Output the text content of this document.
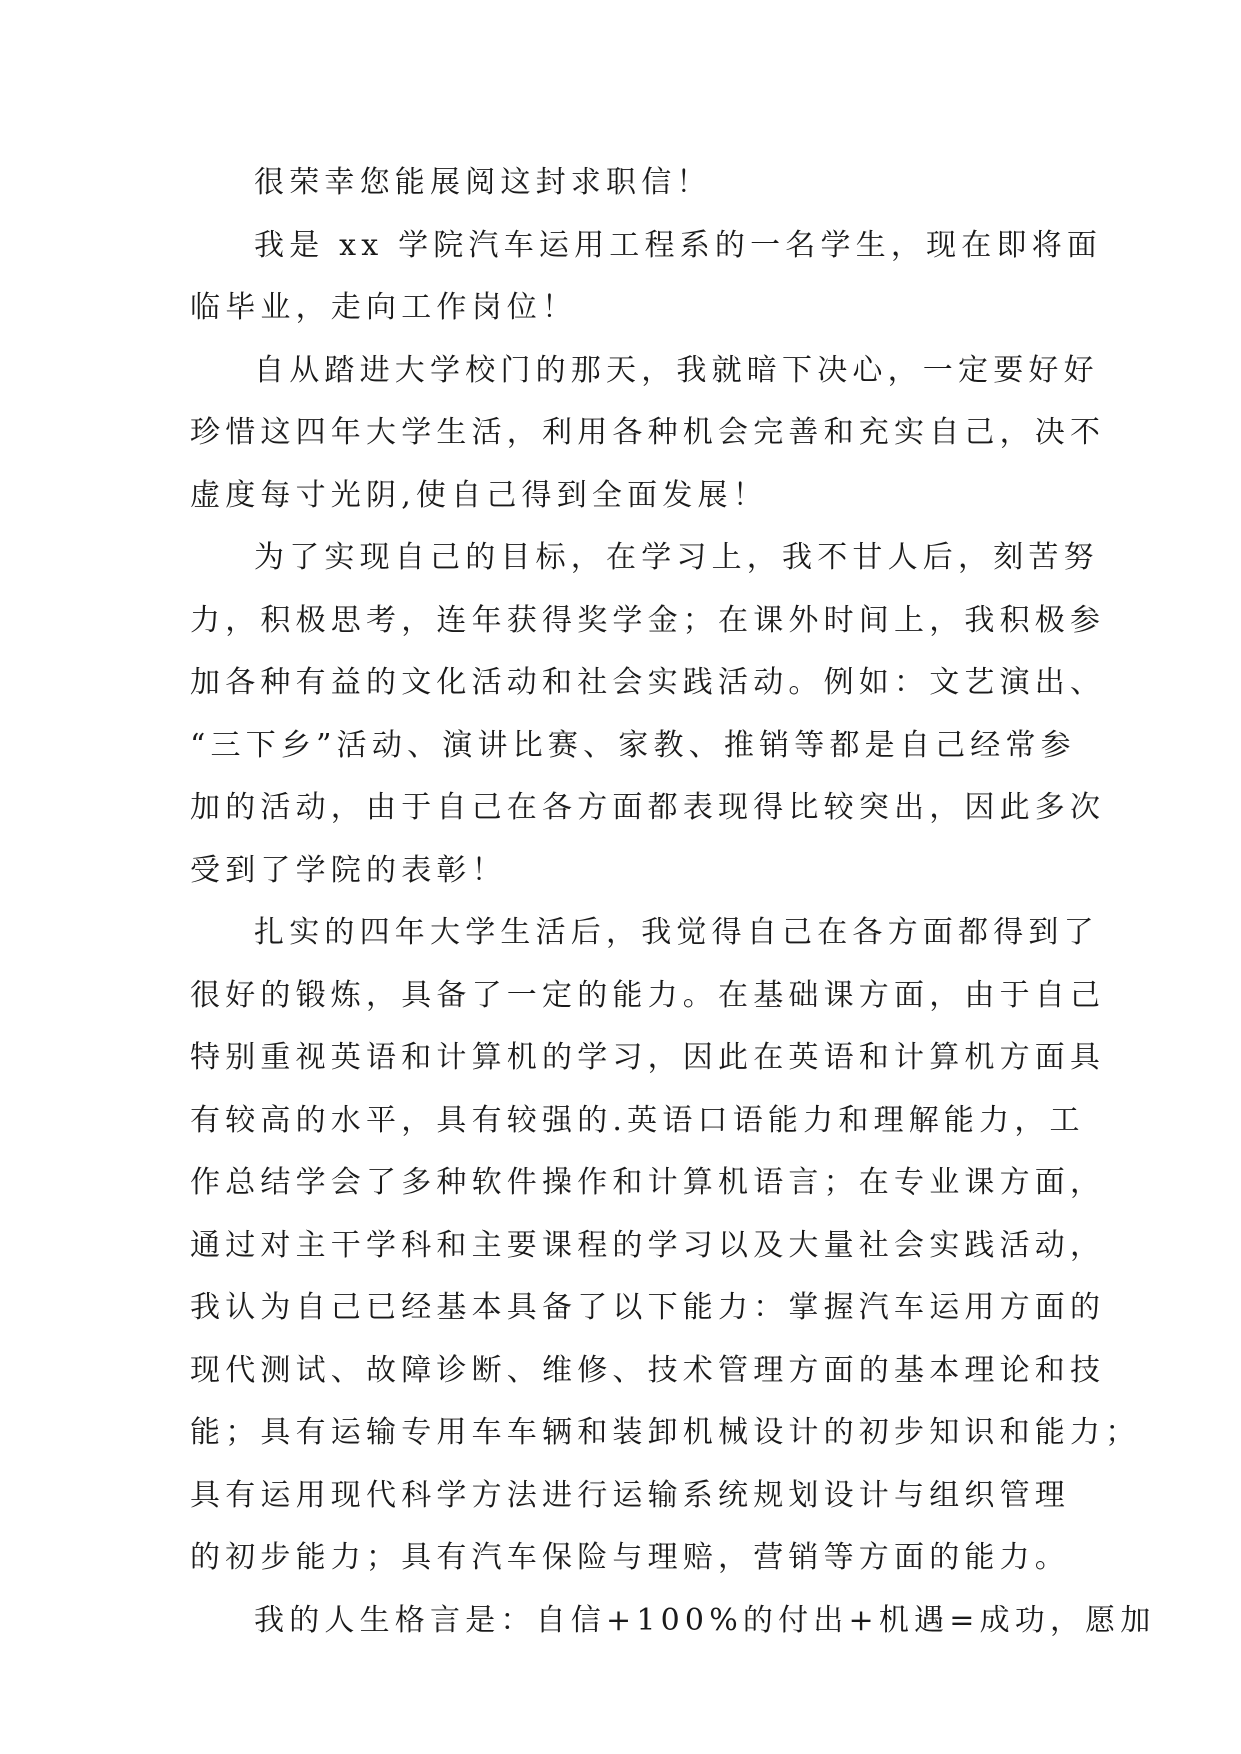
很荣幸您能展阅这封求职信！
我是 xx 学院汽车运用工程系的一名学生，现在即将面
临毕业，走向工作岗位！
自从踏进大学校门的那天，我就暗下决心，一定要好好
珍惜这四年大学生活，利用各种机会完善和充实自己，决不
虚度每寸光阴,使自己得到全面发展！
为了实现自己的目标，在学习上，我不甘人后，刻苦努
力，积极思考，连年获得奖学金；在课外时间上，我积极参
加各种有益的文化活动和社会实践活动。例如：文艺演出、
“三下乡”活动、演讲比赛、家教、推销等都是自己经常参
加的活动，由于自己在各方面都表现得比较突出，因此多次
受到了学院的表彰！
扎实的四年大学生活后，我觉得自己在各方面都得到了
很好的锻炼，具备了一定的能力。在基础课方面，由于自己
特别重视英语和计算机的学习，因此在英语和计算机方面具
有较高的水平，具有较强的.英语口语能力和理解能力，工
作总结学会了多种软件操作和计算机语言；在专业课方面，
通过对主干学科和主要课程的学习以及大量社会实践活动，
我认为自己已经基本具备了以下能力：掌握汽车运用方面的
现代测试、故障诊断、维修、技术管理方面的基本理论和技
能；具有运输专用车车辆和装卸机械设计的初步知识和能力；
具有运用现代科学方法进行运输系统规划设计与组织管理
的初步能力；具有汽车保险与理赔，营销等方面的能力。
我的人生格言是：自信+100%的付出+机遇=成功，愿加
